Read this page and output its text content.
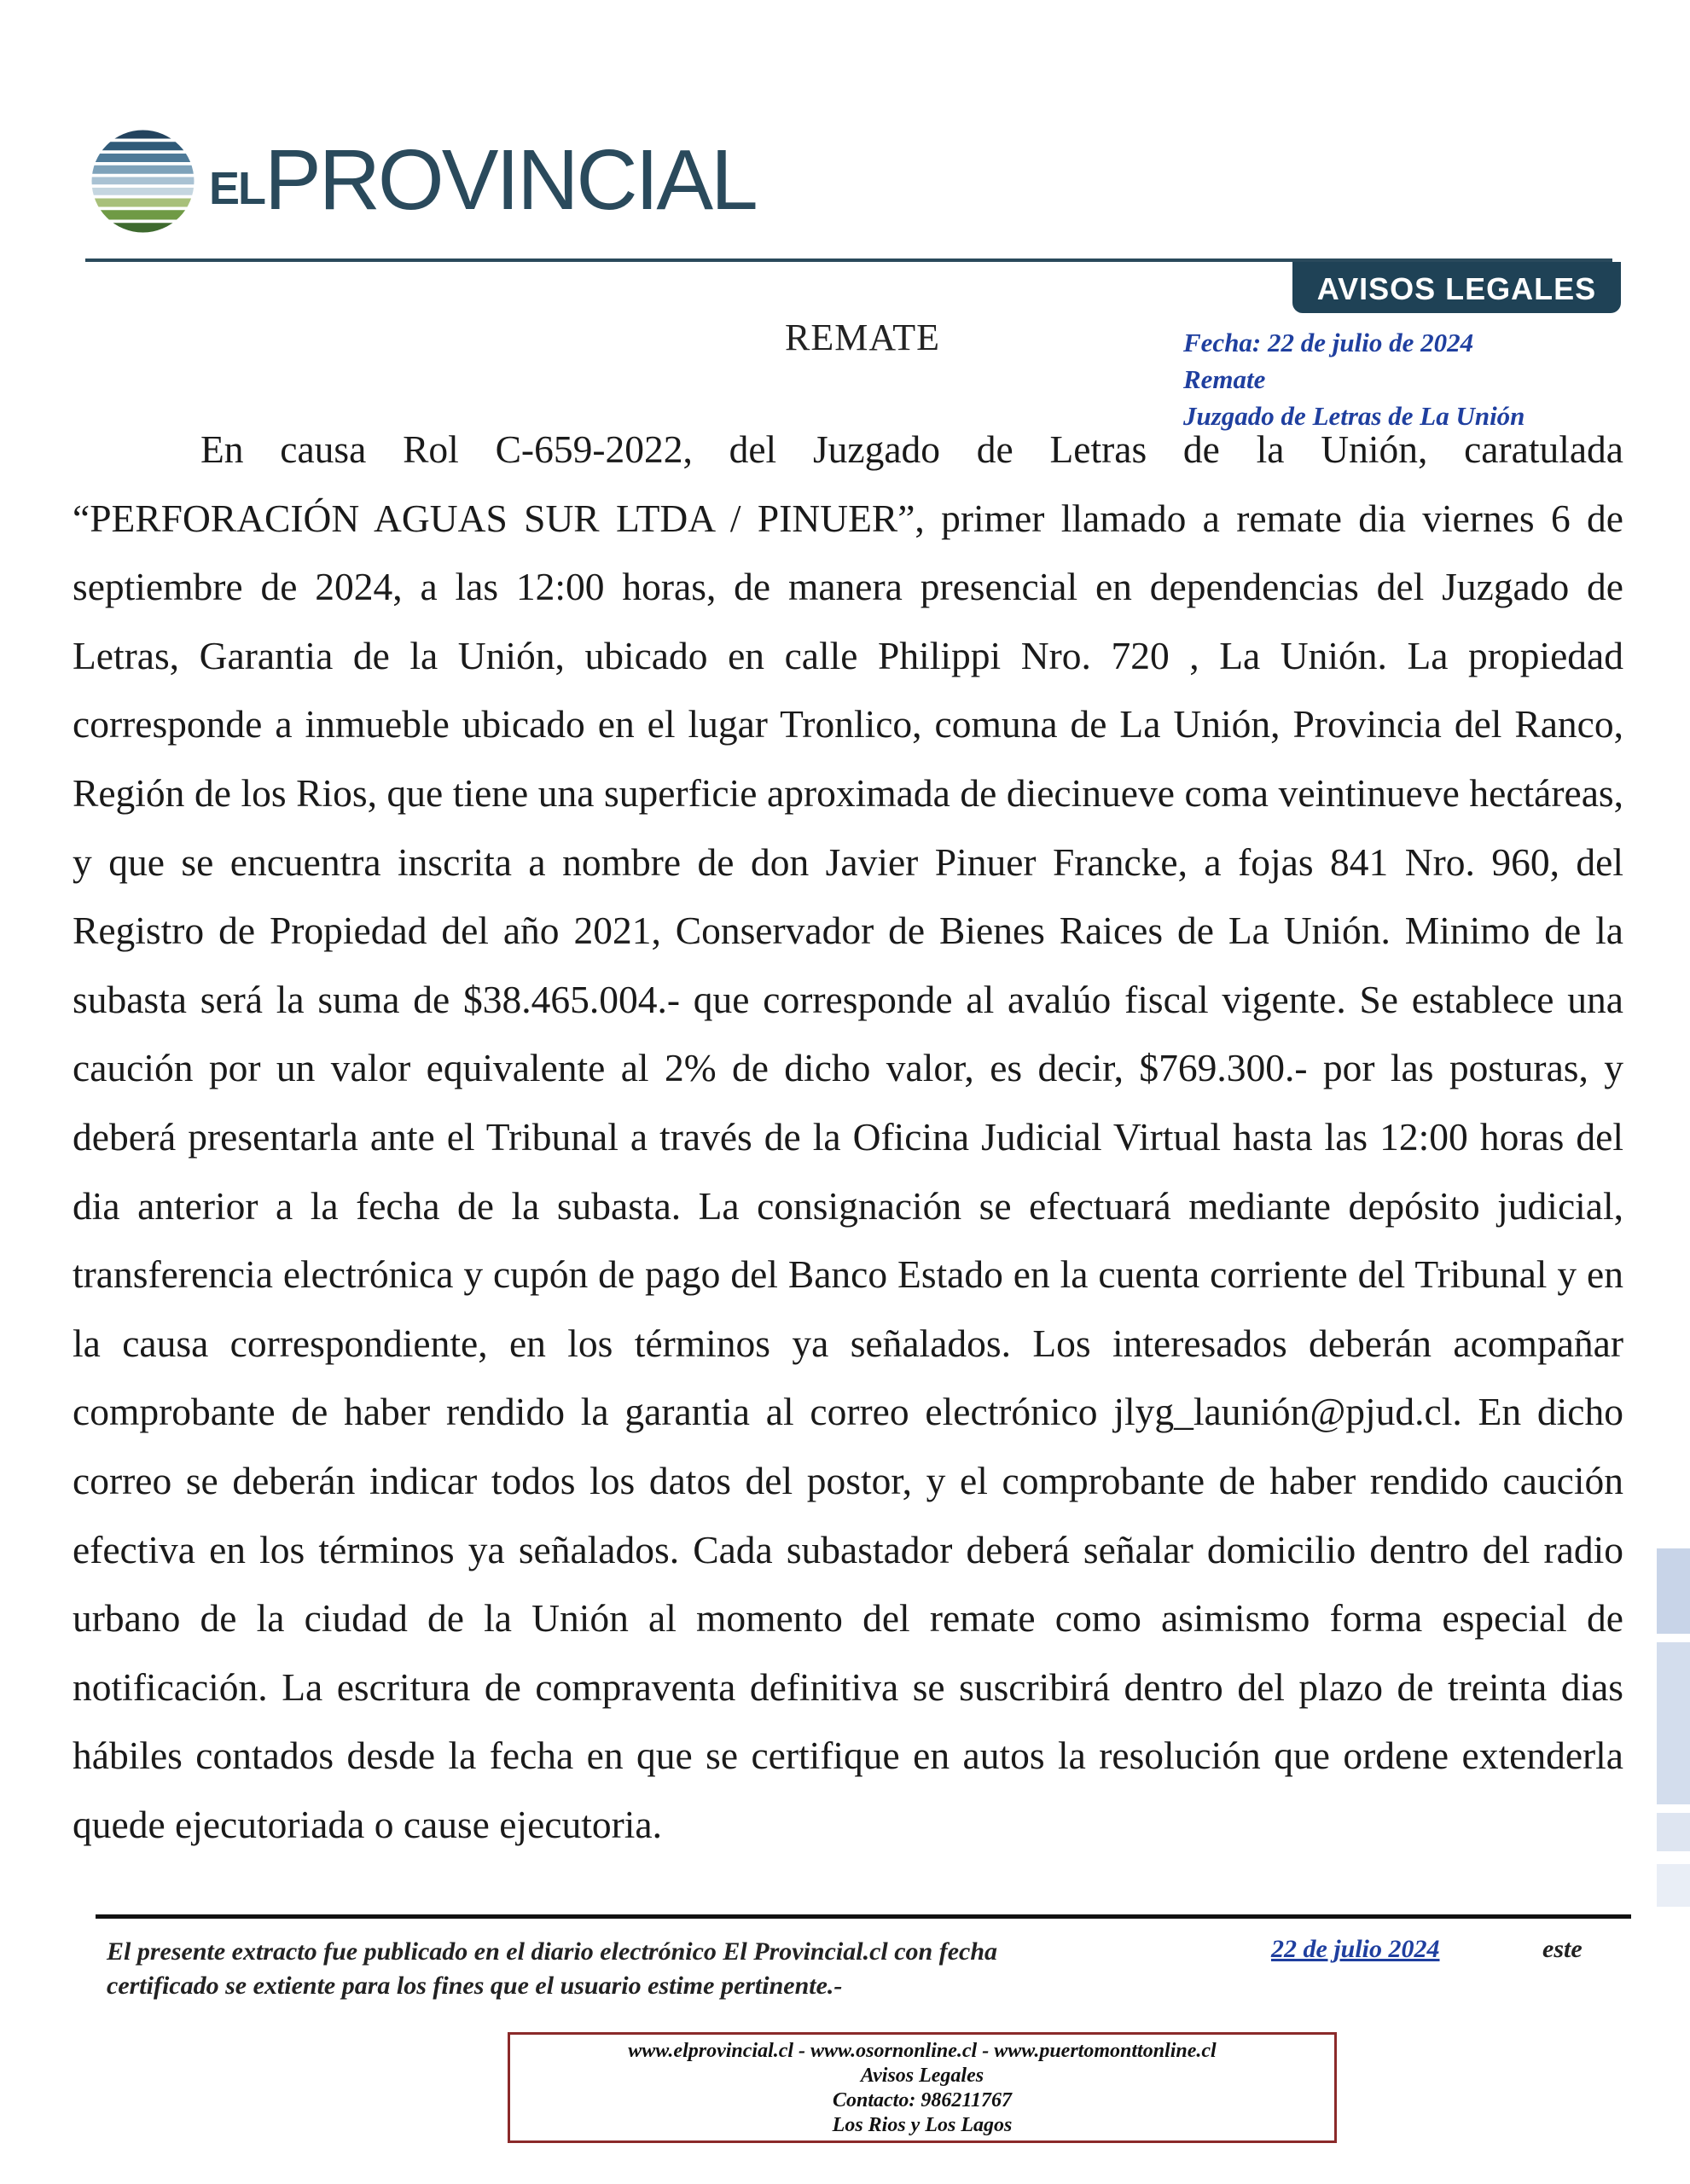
ELPROVINCIAL
AVISOS LEGALES
Fecha: 22 de julio de 2024
Remate
Juzgado de Letras de La Unión
REMATE

En causa Rol C-659-2022, del Juzgado de Letras de la Unión, caratulada “PERFORACIÓN AGUAS SUR LTDA / PINUER”, primer llamado a remate dia viernes 6 de septiembre de 2024, a las 12:00 horas, de manera presencial en dependencias del Juzgado de Letras, Garantia de la Unión, ubicado en calle Philippi Nro. 720 , La Unión. La propiedad corresponde a inmueble ubicado en el lugar Tronlico, comuna de La Unión, Provincia del Ranco, Región de los Rios, que tiene una superficie aproximada de diecinueve coma veintinueve hectáreas, y que se encuentra inscrita a nombre de don Javier Pinuer Francke, a fojas 841 Nro. 960, del Registro de Propiedad del año 2021, Conservador de Bienes Raices de La Unión. Minimo de la subasta será la suma de $38.465.004.- que corresponde al avalúo fiscal vigente. Se establece una caución por un valor equivalente al 2% de dicho valor, es decir, $769.300.- por las posturas, y deberá presentarla ante el Tribunal a través de la Oficina Judicial Virtual hasta las 12:00 horas del dia anterior a la fecha de la subasta. La consignación se efectuará mediante depósito judicial, transferencia electrónica y cupón de pago del Banco Estado en la cuenta corriente del Tribunal y en la causa correspondiente, en los términos ya señalados. Los interesados deberán acompañar comprobante de haber rendido la garantia al correo electrónico jlyg_launión@pjud.cl. En dicho correo se deberán indicar todos los datos del postor, y el comprobante de haber rendido caución efectiva en los términos ya señalados. Cada subastador deberá señalar domicilio dentro del radio urbano de la ciudad de la Unión al momento del remate como asimismo forma especial de notificación. La escritura de compraventa definitiva se suscribirá dentro del plazo de treinta dias hábiles contados desde la fecha en que se certifique en autos la resolución que ordene extenderla quede ejecutoriada o cause ejecutoria.

El presente extracto fue publicado en el diario electrónico El Provincial.cl con fecha
certificado se extiente para los fines que el usuario estime pertinente.-
22 de julio 2024	este
www.elprovincial.cl - www.osornonline.cl - www.puertomonttonline.cl
Avisos Legales
Contacto: 986211767
Los Rios y Los Lagos
